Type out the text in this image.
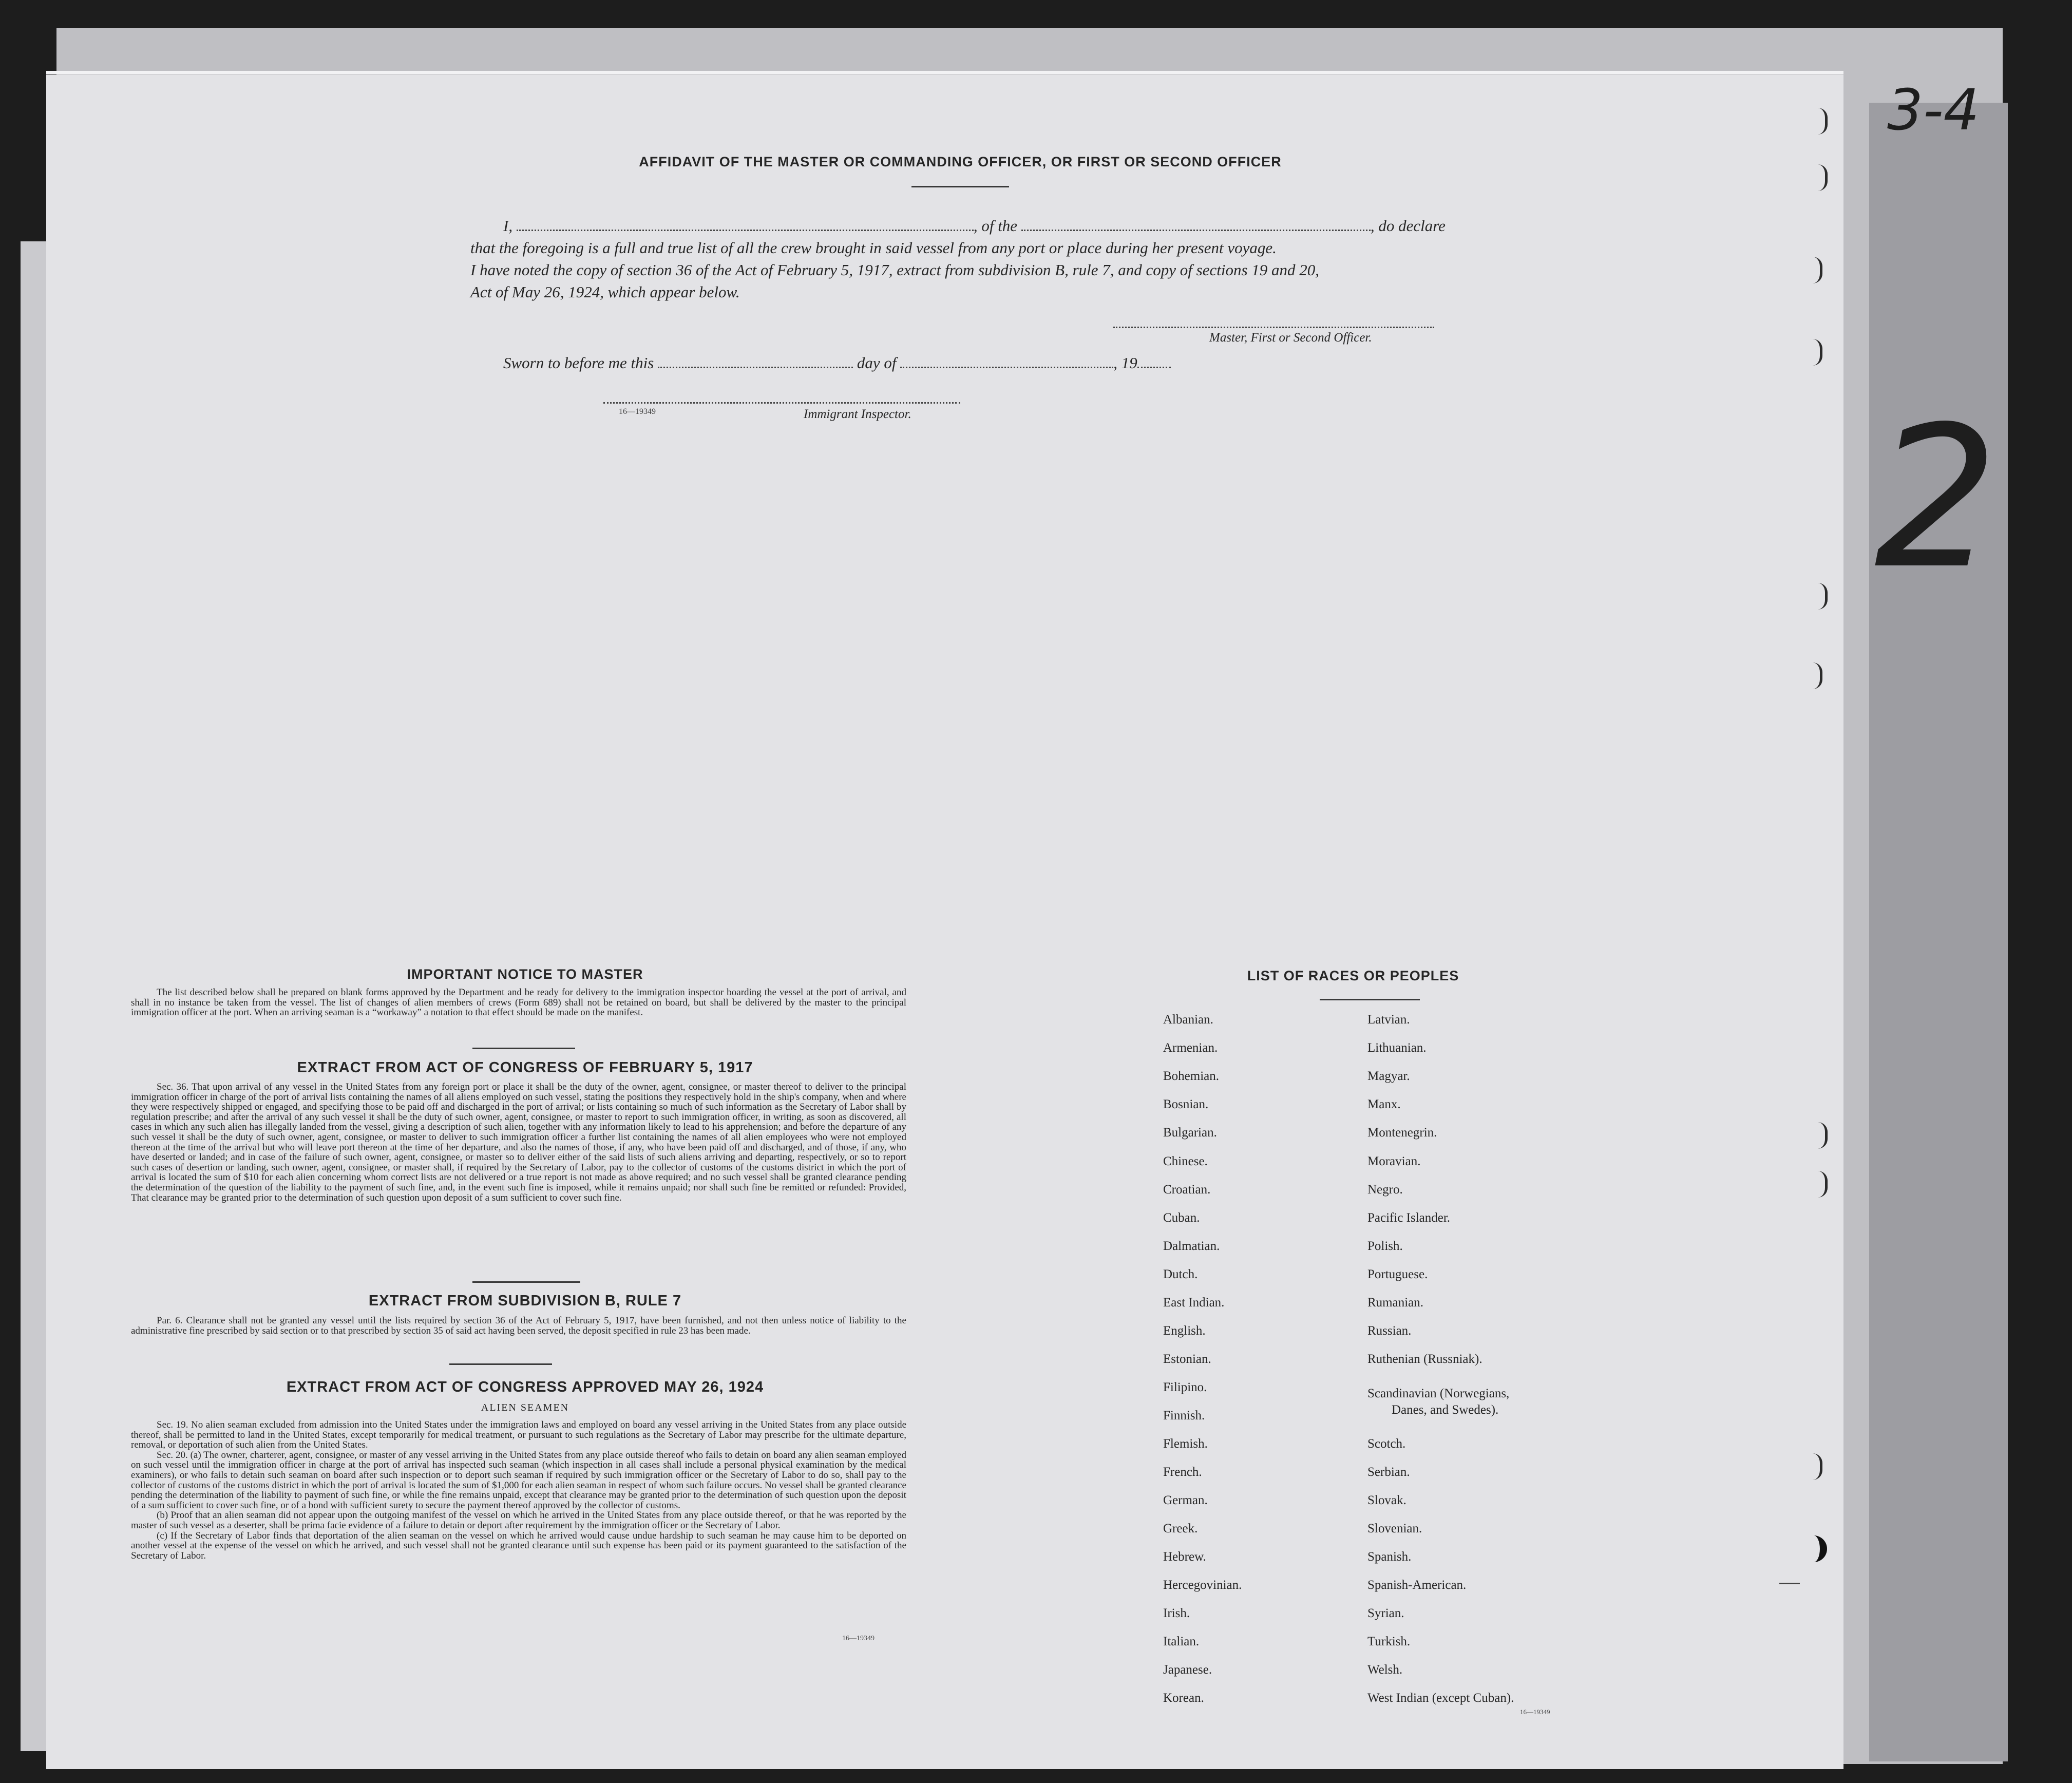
3-4
2
AFFIDAVIT OF THE MASTER OR COMMANDING OFFICER, OR FIRST OR SECOND OFFICER
I,	, of the	, do declare
that the foregoing is a full and true list of all the crew brought in said vessel from any port or place during her present voyage.
I have noted the copy of section 36 of the Act of February 5, 1917, extract from subdivision B, rule 7, and copy of sections 19 and 20,
Act of May 26, 1924, which appear below.
Master, First or Second Officer.
Sworn to before me this	day of	, 19
16—19349	Immigrant Inspector.
IMPORTANT NOTICE TO MASTER

The list described below shall be prepared on blank forms approved by the Department and be ready for delivery to the immigration inspector boarding the vessel at the port of arrival, and shall in no instance be taken from the vessel. The list of changes of alien members of crews (Form 689) shall not be retained on board, but shall be delivered by the master to the principal immigration officer at the port. When an arriving seaman is a “workaway” a notation to that effect should be made on the manifest.

EXTRACT FROM ACT OF CONGRESS OF FEBRUARY 5, 1917

Sec. 36. That upon arrival of any vessel in the United States from any foreign port or place it shall be the duty of the owner, agent, consignee, or master thereof to deliver to the principal immigration officer in charge of the port of arrival lists containing the names of all aliens employed on such vessel, stating the positions they respectively hold in the ship's company, when and where they were respectively shipped or engaged, and specifying those to be paid off and discharged in the port of arrival; or lists containing so much of such information as the Secretary of Labor shall by regulation prescribe; and after the arrival of any such vessel it shall be the duty of such owner, agent, consignee, or master to report to such immigration officer, in writing, as soon as discovered, all cases in which any such alien has illegally landed from the vessel, giving a description of such alien, together with any information likely to lead to his apprehension; and before the departure of any such vessel it shall be the duty of such owner, agent, consignee, or master to deliver to such immigration officer a further list containing the names of all alien employees who were not employed thereon at the time of the arrival but who will leave port thereon at the time of her departure, and also the names of those, if any, who have been paid off and discharged, and of those, if any, who have deserted or landed; and in case of the failure of such owner, agent, consignee, or master so to deliver either of the said lists of such aliens arriving and departing, respectively, or so to report such cases of desertion or landing, such owner, agent, consignee, or master shall, if required by the Secretary of Labor, pay to the collector of customs of the customs district in which the port of arrival is located the sum of $10 for each alien concerning whom correct lists are not delivered or a true report is not made as above required; and no such vessel shall be granted clearance pending the determination of the question of the liability to the payment of such fine, and, in the event such fine is imposed, while it remains unpaid; nor shall such fine be remitted or refunded: Provided, That clearance may be granted prior to the determination of such question upon deposit of a sum sufficient to cover such fine.

EXTRACT FROM SUBDIVISION B, RULE 7

Par. 6. Clearance shall not be granted any vessel until the lists required by section 36 of the Act of February 5, 1917, have been furnished, and not then unless notice of liability to the administrative fine prescribed by said section or to that prescribed by section 35 of said act having been served, the deposit specified in rule 23 has been made.

EXTRACT FROM ACT OF CONGRESS APPROVED MAY 26, 1924
ALIEN SEAMEN

Sec. 19. No alien seaman excluded from admission into the United States under the immigration laws and employed on board any vessel arriving in the United States from any place outside thereof, shall be permitted to land in the United States, except temporarily for medical treatment, or pursuant to such regulations as the Secretary of Labor may prescribe for the ultimate departure, removal, or deportation of such alien from the United States.

Sec. 20. (a) The owner, charterer, agent, consignee, or master of any vessel arriving in the United States from any place outside thereof who fails to detain on board any alien seaman employed on such vessel until the immigration officer in charge at the port of arrival has inspected such seaman (which inspection in all cases shall include a personal physical examination by the medical examiners), or who fails to detain such seaman on board after such inspection or to deport such seaman if required by such immigration officer or the Secretary of Labor to do so, shall pay to the collector of customs of the customs district in which the port of arrival is located the sum of $1,000 for each alien seaman in respect of whom such failure occurs. No vessel shall be granted clearance pending the determination of the liability to payment of such fine, or while the fine remains unpaid, except that clearance may be granted prior to the determination of such question upon the deposit of a sum sufficient to cover such fine, or of a bond with sufficient surety to secure the payment thereof approved by the collector of customs.

(b) Proof that an alien seaman did not appear upon the outgoing manifest of the vessel on which he arrived in the United States from any place outside thereof, or that he was reported by the master of such vessel as a deserter, shall be prima facie evidence of a failure to detain or deport after requirement by the immigration officer or the Secretary of Labor.

(c) If the Secretary of Labor finds that deportation of the alien seaman on the vessel on which he arrived would cause undue hardship to such seaman he may cause him to be deported on another vessel at the expense of the vessel on which he arrived, and such vessel shall not be granted clearance until such expense has been paid or its payment guaranteed to the satisfaction of the Secretary of Labor.

16—19349
LIST OF RACES OR PEOPLES
Albanian.
Armenian.
Bohemian.
Bosnian.
Bulgarian.
Chinese.
Croatian.
Cuban.
Dalmatian.
Dutch.
East Indian.
English.
Estonian.
Filipino.
Finnish.
Flemish.
French.
German.
Greek.
Hebrew.
Hercegovinian.
Irish.
Italian.
Japanese.
Korean.
Latvian.
Lithuanian.
Magyar.
Manx.
Montenegrin.
Moravian.
Negro.
Pacific Islander.
Polish.
Portuguese.
Rumanian.
Russian.
Ruthenian (Russniak).
Scandinavian (Norwegians,
Danes, and Swedes).
Scotch.
Serbian.
Slovak.
Slovenian.
Spanish.
Spanish-American.
Syrian.
Turkish.
Welsh.
West Indian (except Cuban).
16—19349
